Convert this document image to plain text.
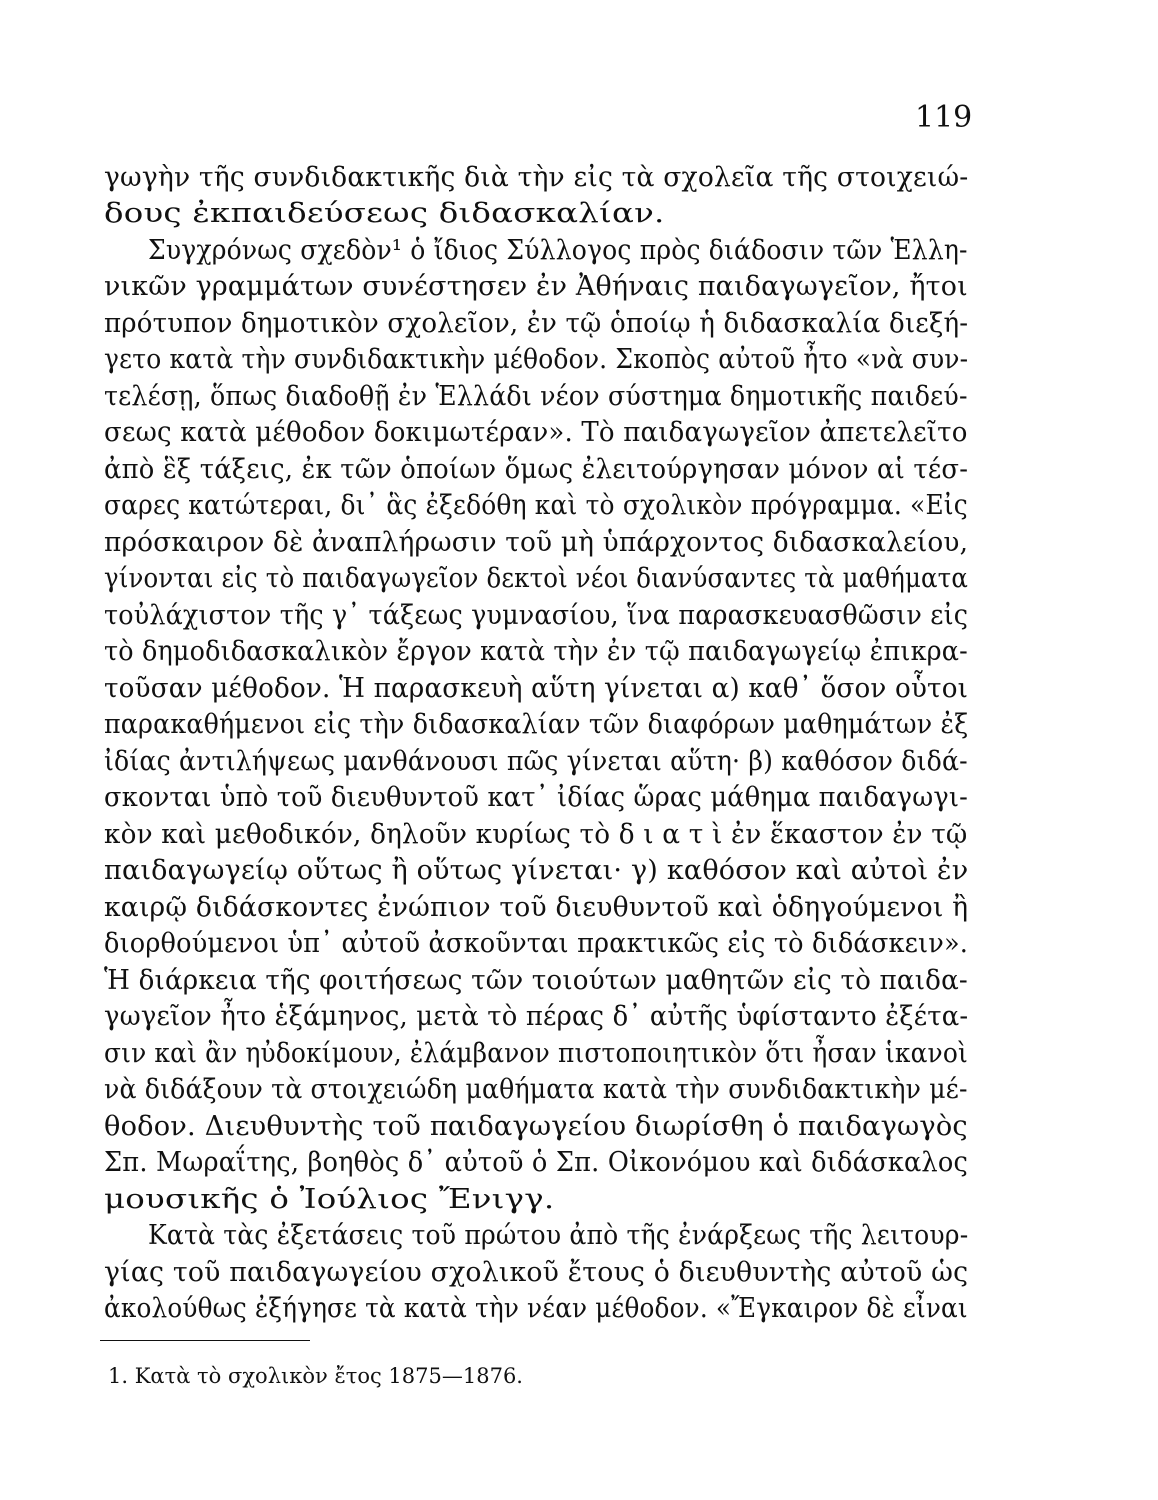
119
γωγὴν τῆς συνδιδακτικῆς διὰ τὴν εἰς τὰ σχολεῖα τῆς στοιχειώ-
δους ἐκπαιδεύσεως διδασκαλίαν.
Συγχρόνως σχεδὸν¹ ὁ ἴδιος Σύλλογος πρὸς διάδοσιν τῶν Ἑλλη-
νικῶν γραμμάτων συνέστησεν ἐν Ἀθήναις παιδαγωγεῖον, ἤτοι
πρότυπον δημοτικὸν σχολεῖον, ἐν τῷ ὁποίῳ ἡ διδασκαλία διεξή-
γετο κατὰ τὴν συνδιδακτικὴν μέθοδον. Σκοπὸς αὐτοῦ ἦτο «νὰ συν-
τελέσῃ, ὅπως διαδοθῇ ἐν Ἑλλάδι νέον σύστημα δημοτικῆς παιδεύ-
σεως κατὰ μέθοδον δοκιμωτέραν». Τὸ παιδαγωγεῖον ἀπετελεῖτο
ἀπὸ ἓξ τάξεις, ἐκ τῶν ὁποίων ὅμως ἐλειτούργησαν μόνον αἱ τέσ-
σαρες κατώτεραι, δι᾽ ἃς ἐξεδόθη καὶ τὸ σχολικὸν πρόγραμμα. «Εἰς
πρόσκαιρον δὲ ἀναπλήρωσιν τοῦ μὴ ὑπάρχοντος διδασκαλείου,
γίνονται εἰς τὸ παιδαγωγεῖον δεκτοὶ νέοι διανύσαντες τὰ μαθήματα
τοὐλάχιστον τῆς γ᾽ τάξεως γυμνασίου, ἵνα παρασκευασθῶσιν εἰς
τὸ δημοδιδασκαλικὸν ἔργον κατὰ τὴν ἐν τῷ παιδαγωγείῳ ἐπικρα-
τοῦσαν μέθοδον. Ἡ παρασκευὴ αὕτη γίνεται α) καθ᾽ ὅσον οὗτοι
παρακαθήμενοι εἰς τὴν διδασκαλίαν τῶν διαφόρων μαθημάτων ἐξ
ἰδίας ἀντιλήψεως μανθάνουσι πῶς γίνεται αὕτη· β) καθόσον διδά-
σκονται ὑπὸ τοῦ διευθυντοῦ κατ᾽ ἰδίας ὥρας μάθημα παιδαγωγι-
κὸν καὶ μεθοδικόν, δηλοῦν κυρίως τὸ δ ι α τ ὶ ἐν ἕκαστον ἐν τῷ
παιδαγωγείῳ οὕτως ἢ οὕτως γίνεται· γ) καθόσον καὶ αὐτοὶ ἐν
καιρῷ διδάσκοντες ἐνώπιον τοῦ διευθυντοῦ καὶ ὁδηγούμενοι ἢ
διορθούμενοι ὑπ᾽ αὐτοῦ ἀσκοῦνται πρακτικῶς εἰς τὸ διδάσκειν».
Ἡ διάρκεια τῆς φοιτήσεως τῶν τοιούτων μαθητῶν εἰς τὸ παιδα-
γωγεῖον ἦτο ἑξάμηνος, μετὰ τὸ πέρας δ᾽ αὐτῆς ὑφίσταντο ἐξέτα-
σιν καὶ ἂν ηὐδοκίμουν, ἐλάμβανον πιστοποιητικὸν ὅτι ἦσαν ἱκανοὶ
νὰ διδάξουν τὰ στοιχειώδη μαθήματα κατὰ τὴν συνδιδακτικὴν μέ-
θοδον. Διευθυντὴς τοῦ παιδαγωγείου διωρίσθη ὁ παιδαγωγὸς
Σπ. Μωραΐτης, βοηθὸς δ᾽ αὐτοῦ ὁ Σπ. Οἰκονόμου καὶ διδάσκαλος
μουσικῆς ὁ Ἰούλιος Ἔνιγγ.
Κατὰ τὰς ἐξετάσεις τοῦ πρώτου ἀπὸ τῆς ἐνάρξεως τῆς λειτουρ-
γίας τοῦ παιδαγωγείου σχολικοῦ ἔτους ὁ διευθυντὴς αὐτοῦ ὡς
ἀκολούθως ἐξήγησε τὰ κατὰ τὴν νέαν μέθοδον. «Ἔγκαιρον δὲ εἶναι
1. Κατὰ τὸ σχολικὸν ἔτος 1875—1876.
